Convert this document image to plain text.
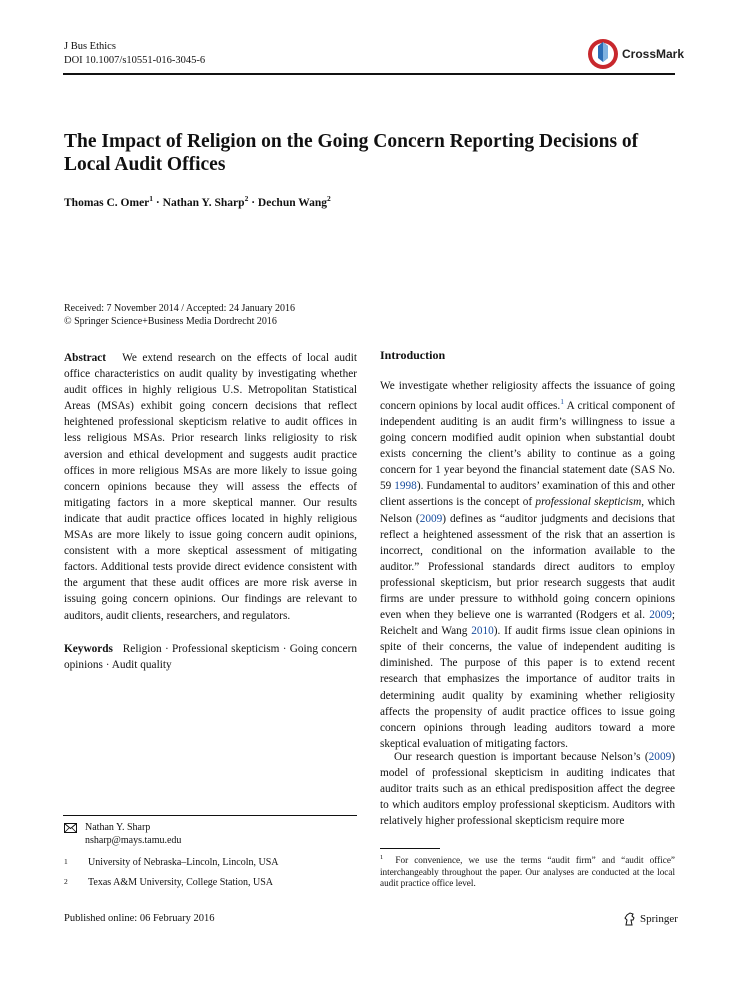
J Bus Ethics
DOI 10.1007/s10551-016-3045-6	CrossMark
The Impact of Religion on the Going Concern Reporting Decisions of Local Audit Offices
Thomas C. Omer$^1$ · Nathan Y. Sharp$^2$ · Dechun Wang$^2$
Received: 7 November 2014 / Accepted: 24 January 2016
© Springer Science+Business Media Dordrecht 2016

Abstract We extend research on the effects of local audit office characteristics on audit quality by investigating whether audit offices in highly religious U.S. Metropolitan Statistical Areas (MSAs) exhibit going concern decisions that reflect heightened professional skepticism relative to audit offices in less religious MSAs. Prior research links religiosity to risk aversion and ethical development and suggests audit practice offices in more religious MSAs are more likely to issue going concern opinions because they will assess the effects of mitigating factors in a more skeptical manner. Our results indicate that audit practice offices located in highly religious MSAs are more likely to issue going concern audit opinions, consistent with a more skeptical assessment of mitigating factors. Additional tests provide direct evidence consistent with the argument that these audit offices are more risk averse in issuing going concern opinions. Our findings are relevant to auditors, audit clients, researchers, and regulators.

Keywords Religion · Professional skepticism · Going concern opinions · Audit quality

Nathan Y. Sharp
nsharp@mays.tamu.edu
1	University of Nebraska–Lincoln, Lincoln, USA
2	Texas A&M University, College Station, USA
Introduction

We investigate whether religiosity affects the issuance of going concern opinions by local audit offices.$^1$ A critical component of independent auditing is an audit firm’s willingness to issue a going concern modified audit opinion when substantial doubt exists concerning the client’s ability to continue as a going concern for 1 year beyond the financial statement date (SAS No. 59 1998). Fundamental to auditors’ examination of this and other client assertions is the concept of professional skepticism, which Nelson (2009) defines as “auditor judgments and decisions that reflect a heightened assessment of the risk that an assertion is incorrect, conditional on the information available to the auditor.” Professional standards direct auditors to employ professional skepticism, but prior research suggests that audit firms are under pressure to withhold going concern opinions even when they believe one is warranted (Rodgers et al. 2009; Reichelt and Wang 2010). If audit firms issue clean opinions in spite of their concerns, the value of independent auditing is diminished. The purpose of this paper is to extend recent research that emphasizes the importance of auditor traits in determining audit quality by examining whether religiosity affects the propensity of audit practice offices to issue going concern opinions through leading auditors toward a more skeptical evaluation of mitigating factors.

Our research question is important because Nelson’s (2009) model of professional skepticism in auditing indicates that auditor traits such as an ethical predisposition affect the degree to which auditors employ professional skepticism. Auditors with relatively higher professional skepticism require more

$^1$ For convenience, we use the terms “audit firm” and “audit office” interchangeably throughout the paper. Our analyses are conducted at the local audit practice office level.

Published online: 06 February 2016	Springer
